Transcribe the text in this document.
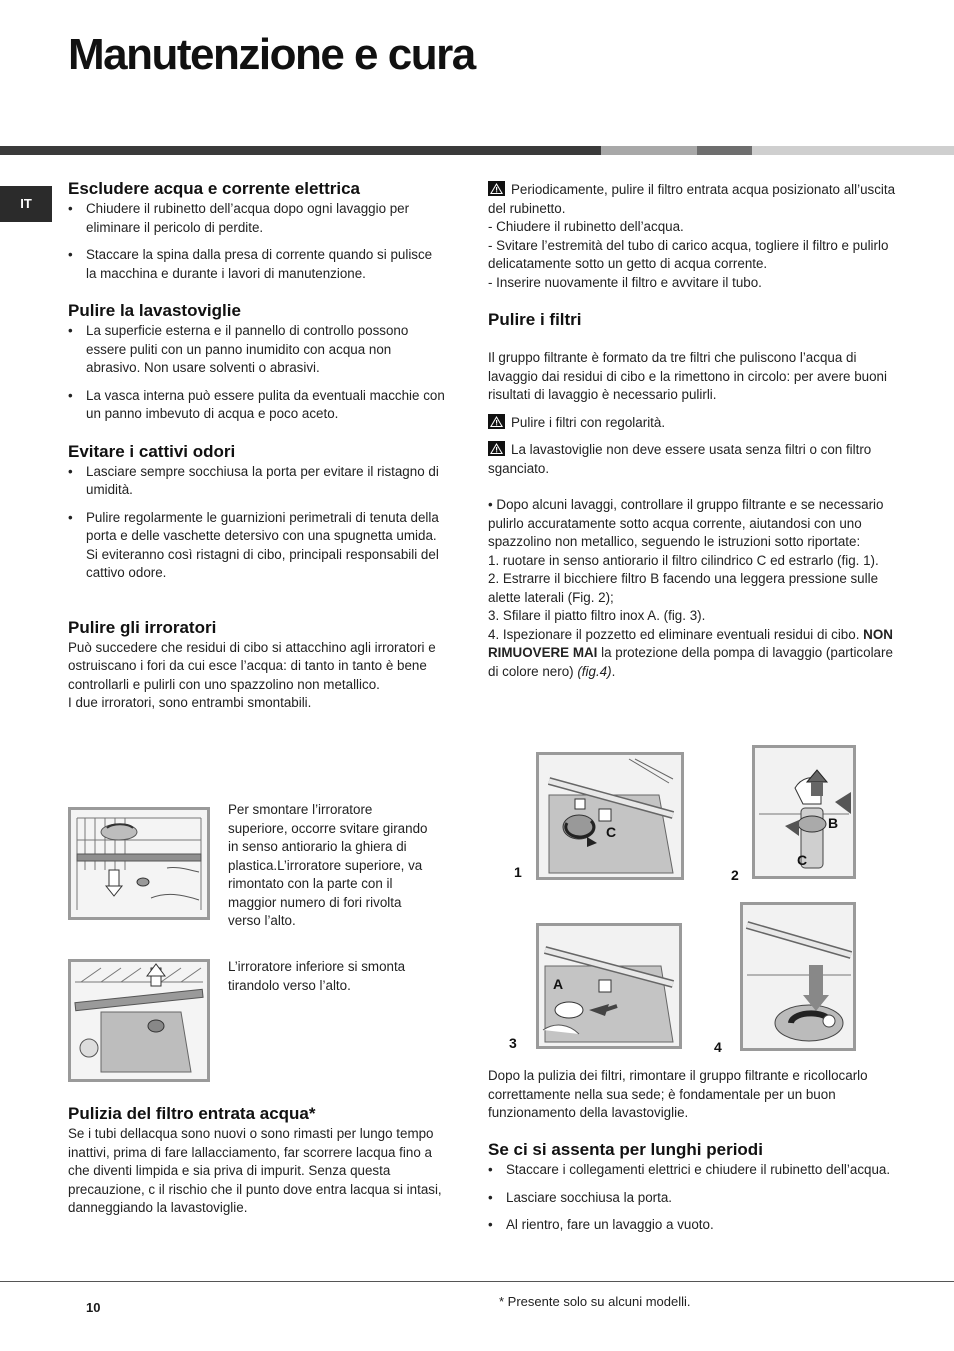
Manutenzione e cura
IT
Escludere acqua e corrente elettrica
• Chiudere il rubinetto dell’acqua dopo ogni lavaggio per eliminare il pericolo di perdite.
• Staccare la spina dalla presa di corrente quando si pulisce la macchina e durante i lavori di manutenzione.
Pulire la lavastoviglie
• La superficie esterna e il pannello di controllo possono essere puliti con un panno inumidito con acqua non abrasivo. Non usare solventi o abrasivi.
• La vasca interna può essere pulita da eventuali macchie con un panno imbevuto di acqua e poco aceto.
Evitare i cattivi odori
• Lasciare sempre socchiusa la porta per evitare il ristagno di umidità.
• Pulire regolarmente le guarnizioni perimetrali di tenuta della porta e delle vaschette detersivo con una spugnetta umida. Si eviteranno così ristagni di cibo, principali responsabili del cattivo odore.
Pulire gli irroratori

Può succedere che residui di cibo si attacchino agli irroratori e ostruiscano i fori da cui esce l’acqua: di tanto in tanto è bene controllarli e pulirli con uno spazzolino non metallico.

I due irroratori, sono entrambi smontabili.

Per smontare l’irroratore superiore, occorre svitare girando in senso antiorario la ghiera di plastica.L’irroratore superiore, va rimontato con la parte con il maggior numero di fori rivolta verso l’alto.
L’irroratore inferiore si smonta tirandolo verso l’alto.
Pulizia del filtro entrata acqua*

Se i tubi dellacqua sono nuovi o sono rimasti per lungo tempo inattivi, prima di fare lallacciamento, far scorrere lacqua fino a che diventi limpida e sia priva di impurit. Senza questa precauzione, c il rischio che il punto dove entra lacqua si intasi, danneggiando la lavastoviglie.

Periodicamente, pulire il filtro entrata acqua posizionato all’uscita del rubinetto.

- Chiudere il rubinetto dell’acqua.

- Svitare l’estremità del tubo di carico acqua, togliere il filtro e pulirlo delicatamente sotto un getto di acqua corrente.

- Inserire nuovamente il filtro e avvitare il tubo.

Pulire i filtri

Il gruppo filtrante è formato da tre filtri che puliscono l’acqua di lavaggio dai residui di cibo e la rimettono in circolo: per avere buoni risultati di lavaggio è necessario pulirli.

Pulire i filtri con regolarità.

La lavastoviglie non deve essere usata senza filtri o con filtro sganciato.

• Dopo alcuni lavaggi, controllare il gruppo filtrante e se necessario pulirlo accuratamente sotto acqua corrente, aiutandosi con uno spazzolino non metallico, seguendo le istruzioni sotto riportate:

1. ruotare in senso antiorario il filtro cilindrico C ed estrarlo (fig. 1).

2. Estrarre il bicchiere filtro B facendo una leggera pressione sulle alette laterali (Fig. 2);

3. Sfilare il piatto filtro inox A. (fig. 3).

4. Ispezionare il pozzetto ed eliminare eventuali residui di cibo. NON RIMUOVERE MAI la protezione della pompa di lavaggio (particolare di colore nero) (fig.4).

1
C
2
B
C
3
A
4
Dopo la pulizia dei filtri, rimontare il gruppo filtrante e ricollocarlo correttamente nella sua sede; è fondamentale per un buon funzionamento della lavastoviglie.
Se ci si assenta per lunghi periodi
• Staccare i collegamenti elettrici e chiudere il rubinetto dell’acqua.
• Lasciare socchiusa la porta.
• Al rientro, fare un lavaggio a vuoto.
10	* Presente solo su alcuni modelli.
